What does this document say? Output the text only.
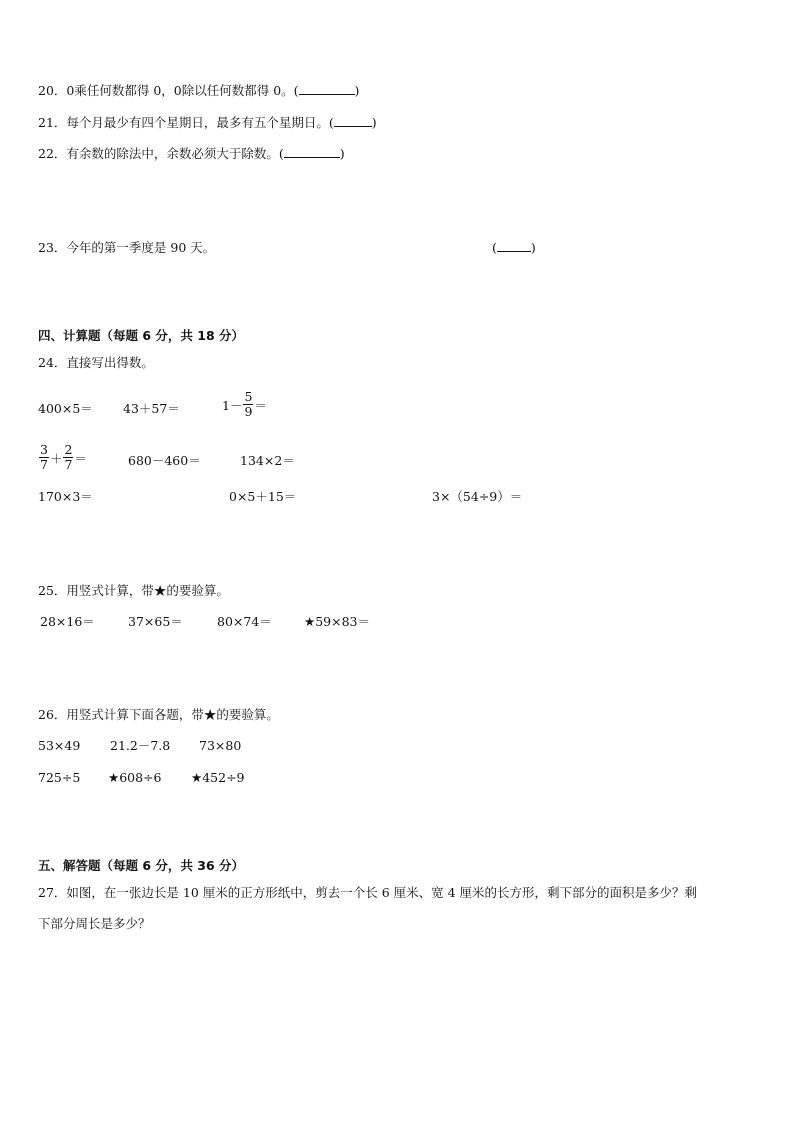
20．0乘任何数都得 0，0除以任何数都得 0。(	)
21．每个月最少有四个星期日，最多有五个星期日。(	)
22．有余数的除法中，余数必须大于除数。(	)
23．今年的第一季度是 90 天。	(	)
四、计算题（每题 6 分，共 18 分）
24．直接写出得数。
400×5＝ 43＋57＝	$1- \frac{5}{9}$ ＝
$\frac{3}{7} + \frac{2}{7}$ ＝	680－460＝	134×2＝
170×3＝	0×5＋15＝	3×（54÷9）＝
25．用竖式计算，带★的要验算。
28×16＝	37×65＝	80×74＝	★59×83＝
26．用竖式计算下面各题，带★的要验算。
53×49 21.2－7.8 73×80
725÷5 ★608÷6 ★452÷9
五、解答题（每题 6 分，共 36 分）
27．如图，在一张边长是 10 厘米的正方形纸中，剪去一个长 6 厘米、宽 4 厘米的长方形，剩下部分的面积是多少？剩
下部分周长是多少？
